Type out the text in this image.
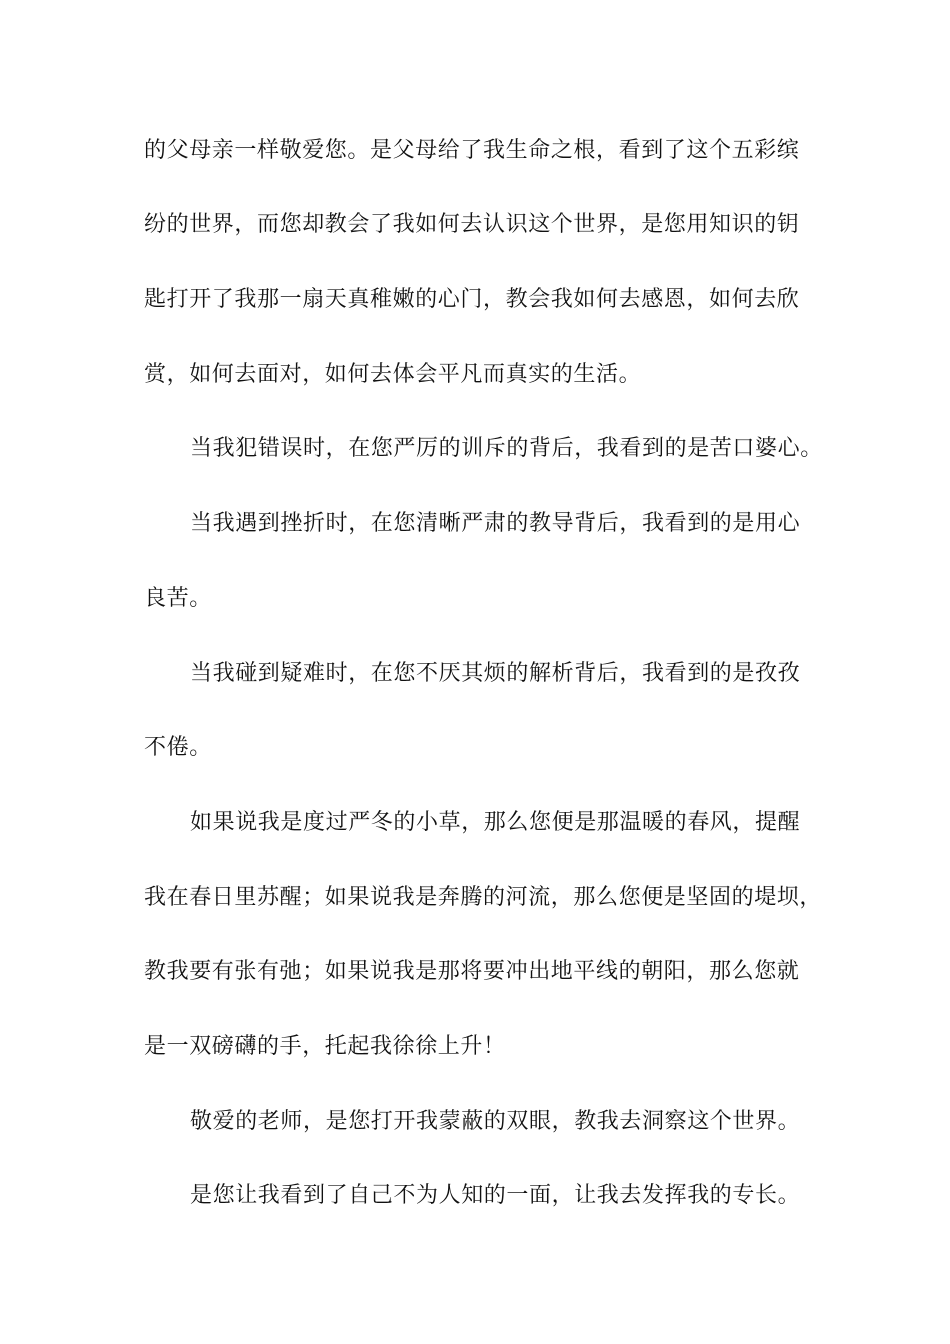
的父母亲一样敬爱您。是父母给了我生命之根，看到了这个五彩缤
纷的世界，而您却教会了我如何去认识这个世界，是您用知识的钥
匙打开了我那一扇天真稚嫩的心门，教会我如何去感恩，如何去欣
赏，如何去面对，如何去体会平凡而真实的生活。
当我犯错误时，在您严厉的训斥的背后，我看到的是苦口婆心。
当我遇到挫折时，在您清晰严肃的教导背后，我看到的是用心
良苦。
当我碰到疑难时，在您不厌其烦的解析背后，我看到的是孜孜
不倦。
如果说我是度过严冬的小草，那么您便是那温暖的春风，提醒
我在春日里苏醒；如果说我是奔腾的河流，那么您便是坚固的堤坝，
教我要有张有弛；如果说我是那将要冲出地平线的朝阳，那么您就
是一双磅礴的手，托起我徐徐上升！
敬爱的老师，是您打开我蒙蔽的双眼，教我去洞察这个世界。
是您让我看到了自己不为人知的一面，让我去发挥我的专长。
